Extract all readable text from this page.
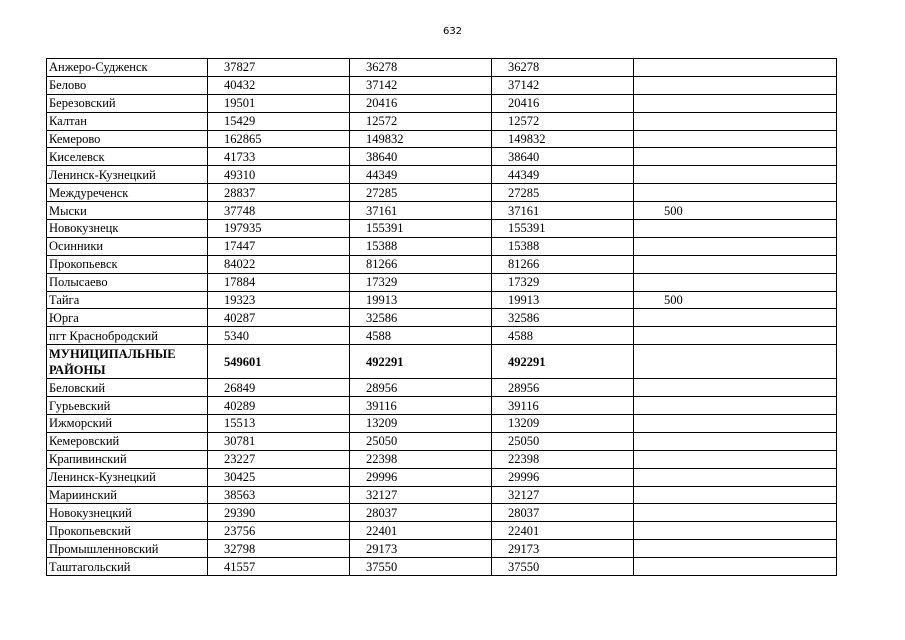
632
Анжеро-Судженск	37827	36278	36278	
Белово	40432	37142	37142	
Березовский	19501	20416	20416	
Калтан	15429	12572	12572	
Кемерово	162865	149832	149832	
Киселевск	41733	38640	38640	
Ленинск-Кузнецкий	49310	44349	44349	
Междуреченск	28837	27285	27285	
Мыски	37748	37161	37161	500
Новокузнецк	197935	155391	155391	
Осинники	17447	15388	15388	
Прокопьевск	84022	81266	81266	
Полысаево	17884	17329	17329	
Тайга	19323	19913	19913	500
Юрга	40287	32586	32586	
пгт Краснобродский	5340	4588	4588	
МУНИЦИПАЛЬНЫЕ РАЙОНЫ	549601	492291	492291	
Беловский	26849	28956	28956	
Гурьевский	40289	39116	39116	
Ижморский	15513	13209	13209	
Кемеровский	30781	25050	25050	
Крапивинский	23227	22398	22398	
Ленинск-Кузнецкий	30425	29996	29996	
Мариинский	38563	32127	32127	
Новокузнецкий	29390	28037	28037	
Прокопьевский	23756	22401	22401	
Промышленновский	32798	29173	29173	
Таштагольский	41557	37550	37550	
